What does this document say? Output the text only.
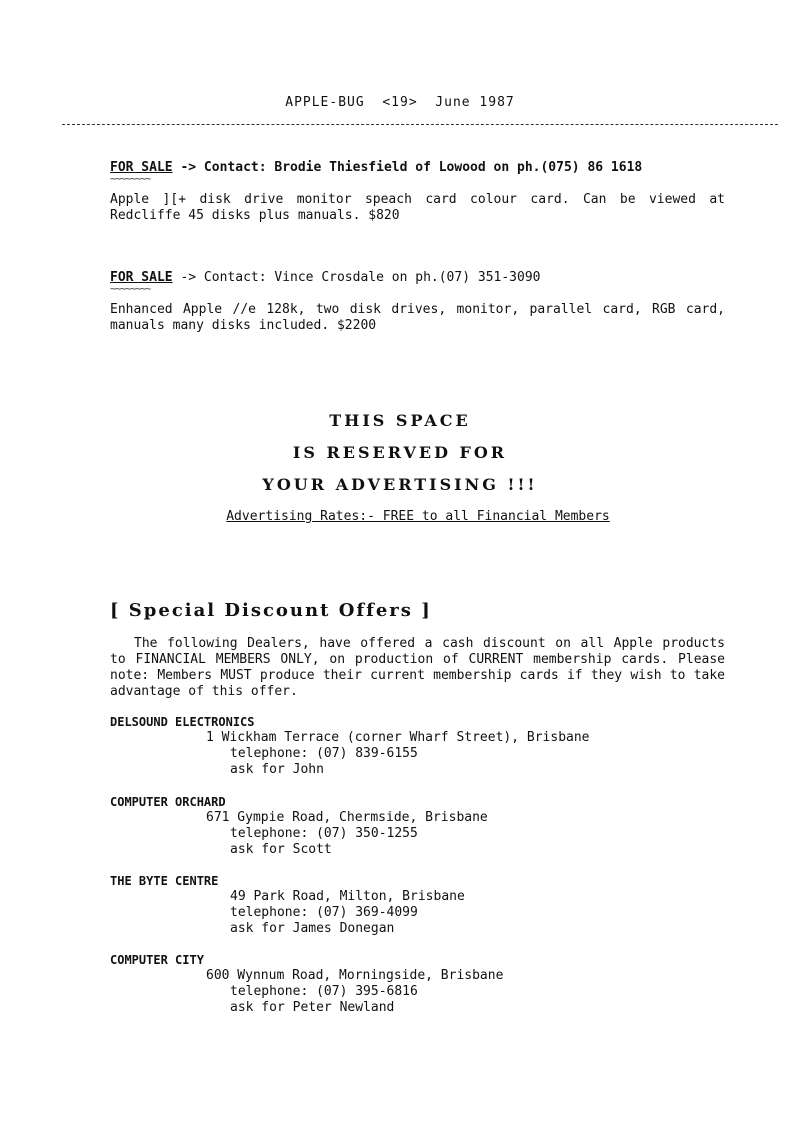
APPLE-BUG  <19>  June 1987
FOR SALE -> Contact: Brodie Thiesfield of Lowood on ph.(075) 86 1618
~~~~~~~~
Apple ][+ disk drive monitor speach card colour card. Can be viewed at Redcliffe 45 disks plus manuals. $820
FOR SALE -> Contact: Vince Crosdale on ph.(07) 351-3090
~~~~~~~~
Enhanced Apple //e 128k, two disk drives, monitor, parallel card, RGB card, manuals many disks included. $2200
THIS SPACE
IS RESERVED FOR
YOUR ADVERTISING !!!
Advertising Rates:- FREE to all Financial Members
[ Special Discount Offers ]
The following Dealers, have offered a cash discount on all Apple products to FINANCIAL MEMBERS ONLY, on production of CURRENT membership cards. Please note: Members MUST produce their current membership cards if they wish to take advantage of this offer.
DELSOUND ELECTRONICS
1 Wickham Terrace (corner Wharf Street), Brisbane
telephone: (07) 839-6155
ask for John
COMPUTER ORCHARD
671 Gympie Road, Chermside, Brisbane
telephone: (07) 350-1255
ask for Scott
THE BYTE CENTRE
49 Park Road, Milton, Brisbane
telephone: (07) 369-4099
ask for James Donegan
COMPUTER CITY
600 Wynnum Road, Morningside, Brisbane
telephone: (07) 395-6816
ask for Peter Newland
